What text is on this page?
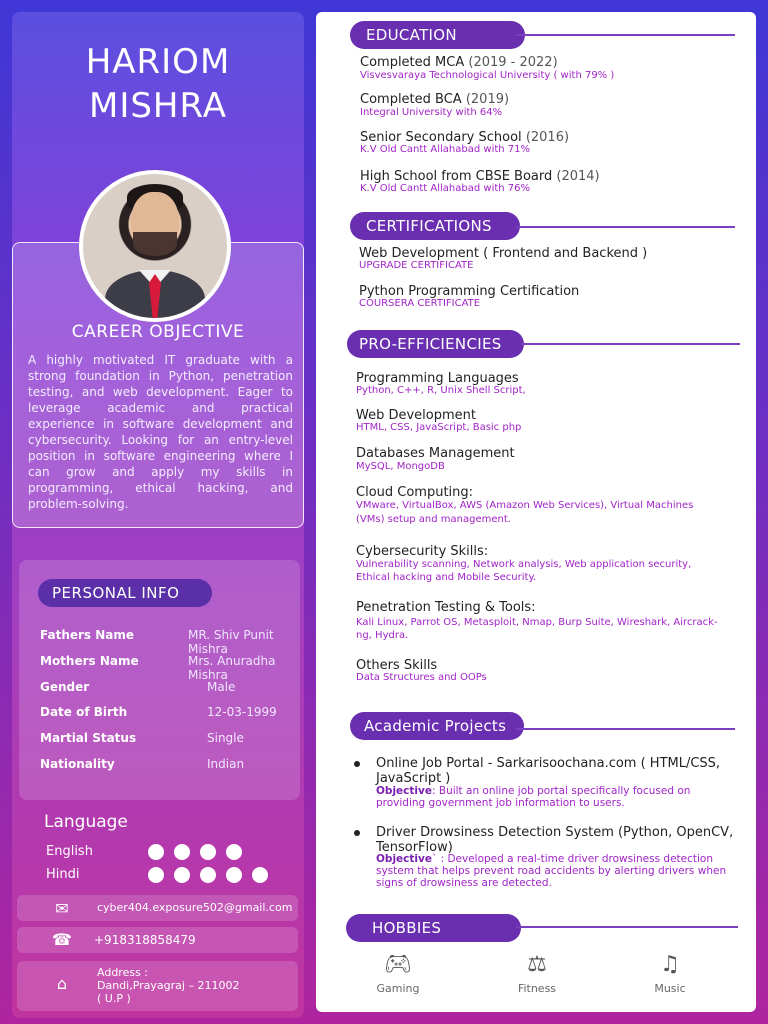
HARIOM
MISHRA
CAREER OBJECTIVE
A highly motivated IT graduate with a strong foundation in Python, penetration testing, and web development. Eager to leverage academic and practical experience in software development and cybersecurity. Looking for an entry-level position in software engineering where I can grow and apply my skills in programming, ethical hacking, and problem-solving.
PERSONAL INFO
Fathers Name	MR. Shiv Punit Mishra
Mothers Name	Mrs. Anuradha Mishra
Gender	Male
Date of Birth	12-03-1999
Martial Status	Single
Nationality	Indian
Language
English
Hindi
✉	cyber404.exposure502@gmail.com
☎ +918318858479
⌂
Address :
Dandi,Prayagraj – 211002
( U.P )
EDUCATION
Completed MCA (2019 - 2022)
Visvesvaraya Technological University ( with 79% )
Completed BCA (2019)
Integral University with 64%
Senior Secondary School (2016)
K.V Old Cantt Allahabad with 71%
High School from CBSE Board (2014)
K.V Old Cantt Allahabad with 76%
CERTIFICATIONS
Web Development ( Frontend and Backend )
UPGRADE CERTIFICATE
Python Programming Certification
COURSERA CERTIFICATE
PRO-EFFICIENCIES
Programming Languages
Python, C++, R, Unix Shell Script,
Web Development
HTML, CSS, JavaScript, Basic php
Databases Management
MySQL, MongoDB
Cloud Computing:
VMware, VirtualBox, AWS (Amazon Web Services), Virtual Machines
(VMs) setup and management.
Cybersecurity Skills:
Vulnerability scanning, Network analysis, Web application security,
Ethical hacking and Mobile Security.
Penetration Testing & Tools:
Kali Linux, Parrot OS, Metasploit, Nmap, Burp Suite, Wireshark, Aircrack-
ng, Hydra.
Others Skills
Data Structures and OOPs
Academic Projects
Online Job Portal - Sarkarisoochana.com ( HTML/CSS, JavaScript )
Objective: Built an online job portal specifically focused on providing government job information to users.
Driver Drowsiness Detection System (Python, OpenCV, TensorFlow)
Objective` : Developed a real-time driver drowsiness detection system that helps prevent road accidents by alerting drivers when signs of drowsiness are detected.
HOBBIES
🎮︎
Gaming
⚖
Fitness
♫
Music
